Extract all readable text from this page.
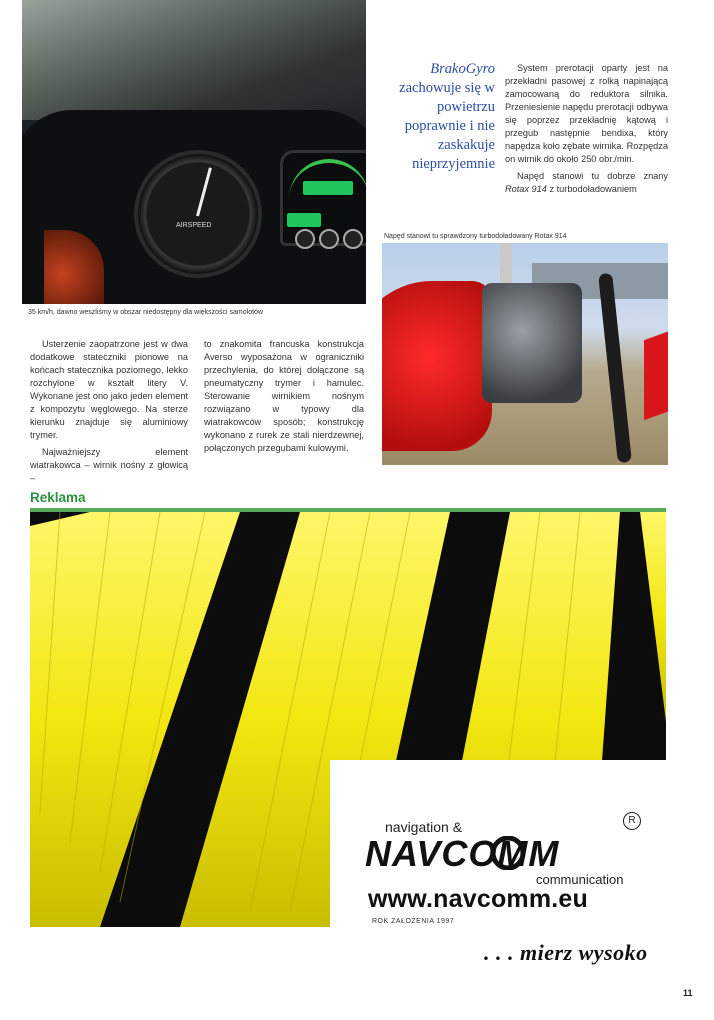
AIRSPEED
35 km/h, dawno weszliśmy w obszar niedostępny dla większości samolotów
BrakoGyro
zachowuje się w powietrzu poprawnie i nie zaskakuje nieprzyjemnie

System prerotacji oparty jest na przekładni pasowej z rolką napinającą zamocowaną do reduktora silnika. Przeniesienie napędu prerotacji odbywa się poprzez przekładnię kątową i przegub następnie bendixa, który napędza koło zębate wirnika. Rozpędza on wirnik do około 250 obr./min.

Napęd stanowi tu dobrze znany Rotax 914 z turbodoładowaniem

Napęd stanowi tu sprawdzony turbodoładowany Rotax 914

Usterzenie zaopatrzone jest w dwa dodatkowe stateczniki pionowe na końcach statecznika poziomego, lekko rozchylone w kształt litery V. Wykonane jest ono jako jeden element z kompozytu węglowego. Na sterze kierunku znajduje się aluminiowy trymer.

Najważniejszy element wiatrakowca – wirnik nośny z głowicą –

to znakomita francuska konstrukcja Averso wyposażona w ograniczniki przechylenia, do której dołączone są pneumatyczny trymer i hamulec. Sterowanie wirnikiem nośnym rozwiązano w typowy dla wiatrakowców sposób; konstrukcję wykonano z rurek ze stali nierdzewnej, połączonych przegubami kulowymi.

Reklama
navigation &	R
NAVCOMM
communication
www.navcomm.eu
ROK ZAŁOŻENIA 1997
. . . mierz wysoko
11
